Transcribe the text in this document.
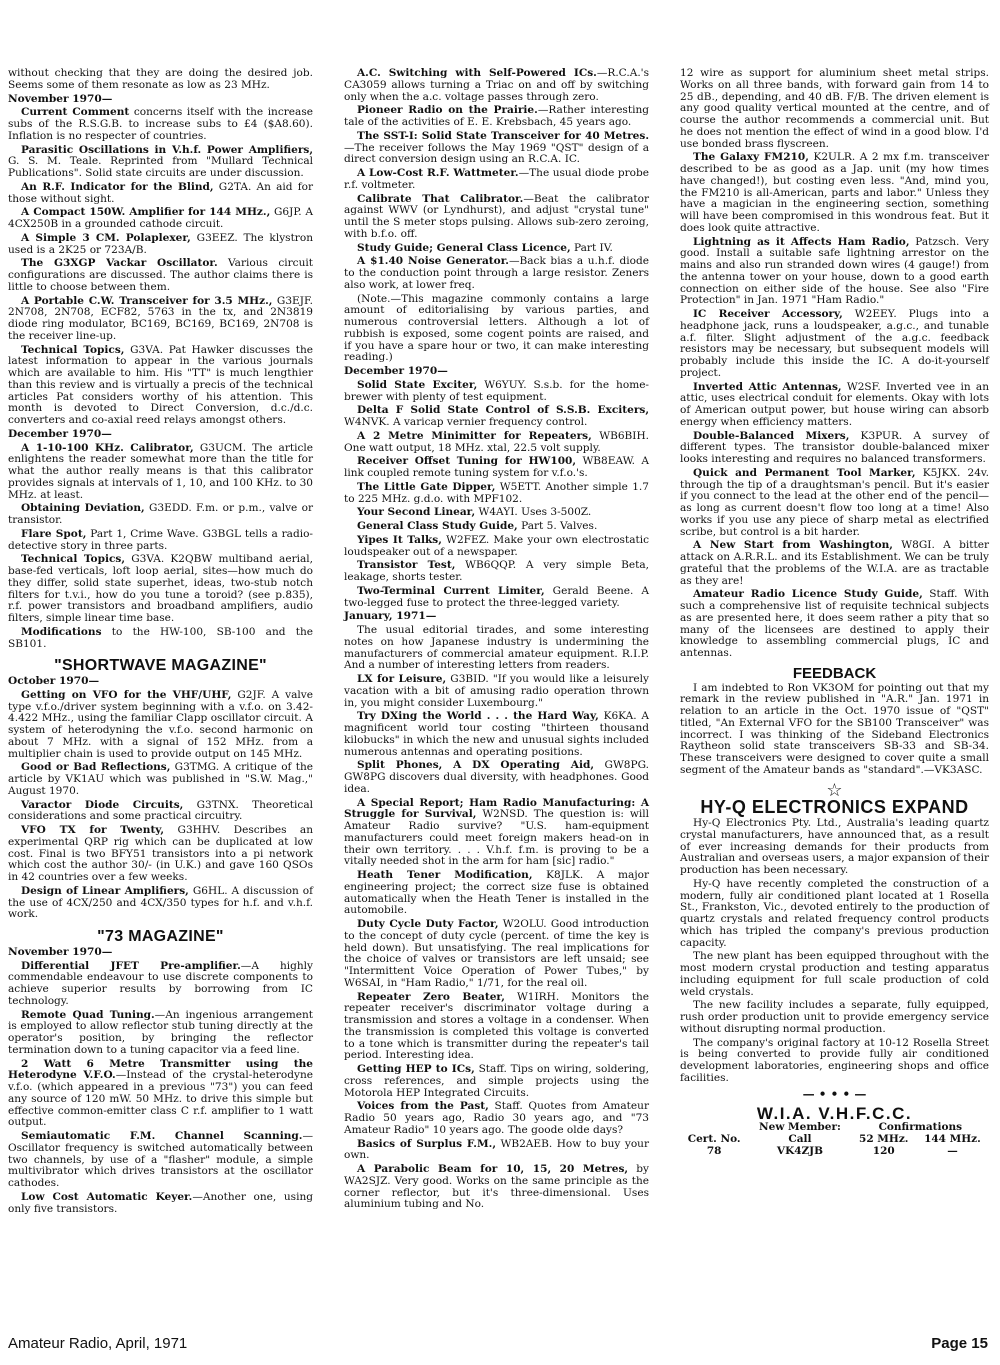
without checking that they are doing the desired job. Seems some of them resonate as low as 23 MHz.

November 1970—

Current Comment concerns itself with the increase subs of the R.S.G.B. to increase subs to £4 ($A8.60). Inflation is no respecter of countries.

Parasitic Oscillations in V.h.f. Power Amplifiers, G. S. M. Teale. Reprinted from "Mullard Technical Publications". Solid state circuits are under discussion.

An R.F. Indicator for the Blind, G2TA. An aid for those without sight.

A Compact 150W. Amplifier for 144 MHz., G6JP. A 4CX250B in a grounded cathode circuit.

A Simple 3 CM. Polaplexer, G3EEZ. The klystron used is a 2K25 or 723A/B.

The G3XGP Vackar Oscillator. Various circuit configurations are discussed. The author claims there is little to choose between them.

A Portable C.W. Transceiver for 3.5 MHz., G3EJF. 2N708, 2N708, ECF82, 5763 in the tx, and 2N3819 diode ring modulator, BC169, BC169, BC169, 2N708 is the receiver line-up.

Technical Topics, G3VA. Pat Hawker discusses the latest information to appear in the various journals which are available to him. His "TT" is much lengthier than this review and is virtually a precis of the technical articles Pat considers worthy of his attention. This month is devoted to Direct Conversion, d.c./d.c. converters and co-axial reed relays amongst others.

December 1970—

A 1-10-100 KHz. Calibrator, G3UCM. The article enlightens the reader somewhat more than the title for what the author really means is that this calibrator provides signals at intervals of 1, 10, and 100 KHz. to 30 MHz. at least.

Obtaining Deviation, G3EDD. F.m. or p.m., valve or transistor.

Flare Spot, Part 1, Crime Wave. G3BGL tells a radio-detective story in three parts.

Technical Topics, G3VA. K2QBW multiband aerial, base-fed verticals, loft loop aerial, sites—how much do they differ, solid state superhet, ideas, two-stub notch filters for t.v.i., how do you tune a toroid? (see p.835), r.f. power transistors and broadband amplifiers, audio filters, simple linear time base.

Modifications to the HW-100, SB-100 and the SB101.

"SHORTWAVE MAGAZINE"

October 1970—

Getting on VFO for the VHF/UHF, G2JF. A valve type v.f.o./driver system beginning with a v.f.o. on 3.42-4.422 MHz., using the familiar Clapp oscillator circuit. A system of heterodyning the v.f.o. second harmonic on about 7 MHz. with a signal of 152 MHz. from a multiplier chain is used to provide output on 145 MHz.

Good or Bad Reflections, G3TMG. A critique of the article by VK1AU which was published in "S.W. Mag.," August 1970.

Varactor Diode Circuits, G3TNX. Theoretical considerations and some practical circuitry.

VFO TX for Twenty, G3HHV. Describes an experimental QRP rig which can be duplicated at low cost. Final is two BFY51 transistors into a pi network which cost the author 30/- (in U.K.) and gave 160 QSOs in 42 countries over a few weeks.

Design of Linear Amplifiers, G6HL. A discussion of the use of 4CX/250 and 4CX/350 types for h.f. and v.h.f. work.

"73 MAGAZINE"

November 1970—

Differential JFET Pre-amplifier.—A highly commendable endeavour to use discrete components to achieve superior results by borrowing from IC technology.

Remote Quad Tuning.—An ingenious arrangement is employed to allow reflector stub tuning directly at the operator's position, by bringing the reflector termination down to a tuning capacitor via a feed line.

2 Watt 6 Metre Transmitter using the Heterodyne V.F.O.—Instead of the crystal-heterodyne v.f.o. (which appeared in a previous "73") you can feed any source of 120 mW. 50 MHz. to drive this simple but effective common-emitter class C r.f. amplifier to 1 watt output.

Semiautomatic F.M. Channel Scanning.—Oscillator frequency is switched automatically between two channels, by use of a "flasher" module, a simple multivibrator which drives transistors at the oscillator cathodes.

Low Cost Automatic Keyer.—Another one, using only five transistors.

A.C. Switching with Self-Powered ICs.—R.C.A.'s CA3059 allows turning a Triac on and off by switching only when the a.c. voltage passes through zero.

Pioneer Radio on the Prairie.—Rather interesting tale of the activities of E. E. Krebsbach, 45 years ago.

The SST-I: Solid State Transceiver for 40 Metres.—The receiver follows the May 1969 "QST" design of a direct conversion design using an R.C.A. IC.

A Low-Cost R.F. Wattmeter.—The usual diode probe r.f. voltmeter.

Calibrate That Calibrator.—Beat the calibrator against WWV (or Lyndhurst), and adjust "crystal tune" until the S meter stops pulsing. Allows sub-zero zeroing, with b.f.o. off.

Study Guide; General Class Licence, Part IV.

A $1.40 Noise Generator.—Back bias a u.h.f. diode to the conduction point through a large resistor. Zeners also work, at lower freq.

(Note.—This magazine commonly contains a large amount of editorialising by various parties, and numerous controversial letters. Although a lot of rubbish is exposed, some cogent points are raised, and if you have a spare hour or two, it can make interesting reading.)

December 1970—

Solid State Exciter, W6YUY. S.s.b. for the home-brewer with plenty of test equipment.

Delta F Solid State Control of S.S.B. Exciters, W4NVK. A varicap vernier frequency control.

A 2 Metre Minimitter for Repeaters, WB6BIH. One watt output, 18 MHz. xtal, 22.5 volt supply.

Receiver Offset Tuning for HW100, WB8EAW. A link coupled remote tuning system for v.f.o.'s.

The Little Gate Dipper, W5ETT. Another simple 1.7 to 225 MHz. g.d.o. with MPF102.

Your Second Linear, W4AYI. Uses 3-500Z.

General Class Study Guide, Part 5. Valves.

Yipes It Talks, W2FEZ. Make your own electrostatic loudspeaker out of a newspaper.

Transistor Test, WB6QQP. A very simple Beta, leakage, shorts tester.

Two-Terminal Current Limiter, Gerald Beene. A two-legged fuse to protect the three-legged variety.

January, 1971—

The usual editorial tirades, and some interesting notes on how Japanese industry is undermining the manufacturers of commercial amateur equipment. R.I.P. And a number of interesting letters from readers.

LX for Leisure, G3BID. "If you would like a leisurely vacation with a bit of amusing radio operation thrown in, you might consider Luxembourg."

Try DXing the World . . . the Hard Way, K6KA. A magnificent world tour costing "thirteen thousand kilobucks" in which the new and unusual sights included numerous antennas and operating positions.

Split Phones, A DX Operating Aid, GW8PG. GW8PG discovers dual diversity, with headphones. Good idea.

A Special Report; Ham Radio Manufacturing: A Struggle for Survival, W2NSD. The question is: will Amateur Radio survive? "U.S. ham-equipment manufacturers could meet foreign makers head-on in their own territory. . . . V.h.f. f.m. is proving to be a vitally needed shot in the arm for ham [sic] radio."

Heath Tener Modification, K8JLK. A major engineering project; the correct size fuse is obtained automatically when the Heath Tener is installed in the automobile.

Duty Cycle Duty Factor, W2OLU. Good introduction to the concept of duty cycle (percent. of time the key is held down). But unsatisfying. The real implications for the choice of valves or transistors are left unsaid; see "Intermittent Voice Operation of Power Tubes," by W6SAI, in "Ham Radio," 1/71, for the real oil.

Repeater Zero Beater, W1IRH. Monitors the repeater receiver's discriminator voltage during a transmission and stores a voltage in a condenser. When the transmission is completed this voltage is converted to a tone which is transmitter during the repeater's tail period. Interesting idea.

Getting HEP to ICs, Staff. Tips on wiring, soldering, cross references, and simple projects using the Motorola HEP Integrated Circuits.

Voices from the Past, Staff. Quotes from Amateur Radio 50 years ago, Radio 30 years ago, and "73 Amateur Radio" 10 years ago. The goode olde days?

Basics of Surplus F.M., WB2AEB. How to buy your own.

A Parabolic Beam for 10, 15, 20 Metres, by WA2SJZ. Very good. Works on the same principle as the corner reflector, but it's three-dimensional. Uses aluminium tubing and No.

12 wire as support for aluminium sheet metal strips. Works on all three bands, with forward gain from 14 to 25 dB., depending, and 40 dB. F/B. The driven element is any good quality vertical mounted at the centre, and of course the author recommends a commercial unit. But he does not mention the effect of wind in a good blow. I'd use bonded brass flyscreen.

The Galaxy FM210, K2ULR. A 2 mx f.m. transceiver described to be as good as a Jap. unit (my how times have changed!), but costing even less. "And, mind you, the FM210 is all-American, parts and labor." Unless they have a magician in the engineering section, something will have been compromised in this wondrous feat. But it does look quite attractive.

Lightning as it Affects Ham Radio, Patzsch. Very good. Install a suitable safe lightning arrestor on the mains and also run stranded down wires (4 gauge!) from the antenna tower on your house, down to a good earth connection on either side of the house. See also "Fire Protection" in Jan. 1971 "Ham Radio."

IC Receiver Accessory, W2EEY. Plugs into a headphone jack, runs a loudspeaker, a.g.c., and tunable a.f. filter. Slight adjustment of the a.g.c. feedback resistors may be necessary, but subsequent models will probably include this inside the IC. A do-it-yourself project.

Inverted Attic Antennas, W2SF. Inverted vee in an attic, uses electrical conduit for elements. Okay with lots of American output power, but house wiring can absorb energy when efficiency matters.

Double-Balanced Mixers, K3PUR. A survey of different types. The transistor double-balanced mixer looks interesting and requires no balanced transformers.

Quick and Permanent Tool Marker, K5JKX. 24v. through the tip of a draughtsman's pencil. But it's easier if you connect to the lead at the other end of the pencil—as long as current doesn't flow too long at a time! Also works if you use any piece of sharp metal as electrified scribe, but control is a bit harder.

A New Start from Washington, W8GI. A bitter attack on A.R.R.L. and its Establishment. We can be truly grateful that the problems of the W.I.A. are as tractable as they are!

Amateur Radio Licence Study Guide, Staff. With such a comprehensive list of requisite technical subjects as are presented here, it does seem rather a pity that so many of the licensees are destined to apply their knowledge to assembling commercial plugs, IC and antennas.

FEEDBACK

I am indebted to Ron VK3OM for pointing out that my remark in the review published in "A.R." Jan. 1971 in relation to an article in the Oct. 1970 issue of "QST" titled, "An External VFO for the SB100 Transceiver" was incorrect. I was thinking of the Sideband Electronics Raytheon solid state transceivers SB-33 and SB-34. These transceivers were designed to cover quite a small segment of the Amateur bands as "standard".—VK3ASC.

☆
HY-Q ELECTRONICS EXPAND

Hy-Q Electronics Pty. Ltd., Australia's leading quartz crystal manufacturers, have announced that, as a result of ever increasing demands for their products from Australian and overseas users, a major expansion of their production has been necessary.

Hy-Q have recently completed the construction of a modern, fully air conditioned plant located at 1 Rosella St., Frankston, Vic., devoted entirely to the production of quartz crystals and related frequency control products which has tripled the company's previous production capacity.

The new plant has been equipped throughout with the most modern crystal production and testing apparatus including equipment for full scale production of cold weld crystals.

The new facility includes a separate, fully equipped, rush order production unit to provide emergency service without disrupting normal production.

The company's original factory at 10-12 Rosella Street is being converted to provide fully air conditioned development laboratories, engineering shops and office facilities.

— • • • —
W.I.A. V.H.F.C.C.
	New Member:	Confirmations	
Cert. No.	Call	52 MHz.	144 MHz.
78	VK4ZJB	120	—
Amateur Radio, April, 1971	Page 15
